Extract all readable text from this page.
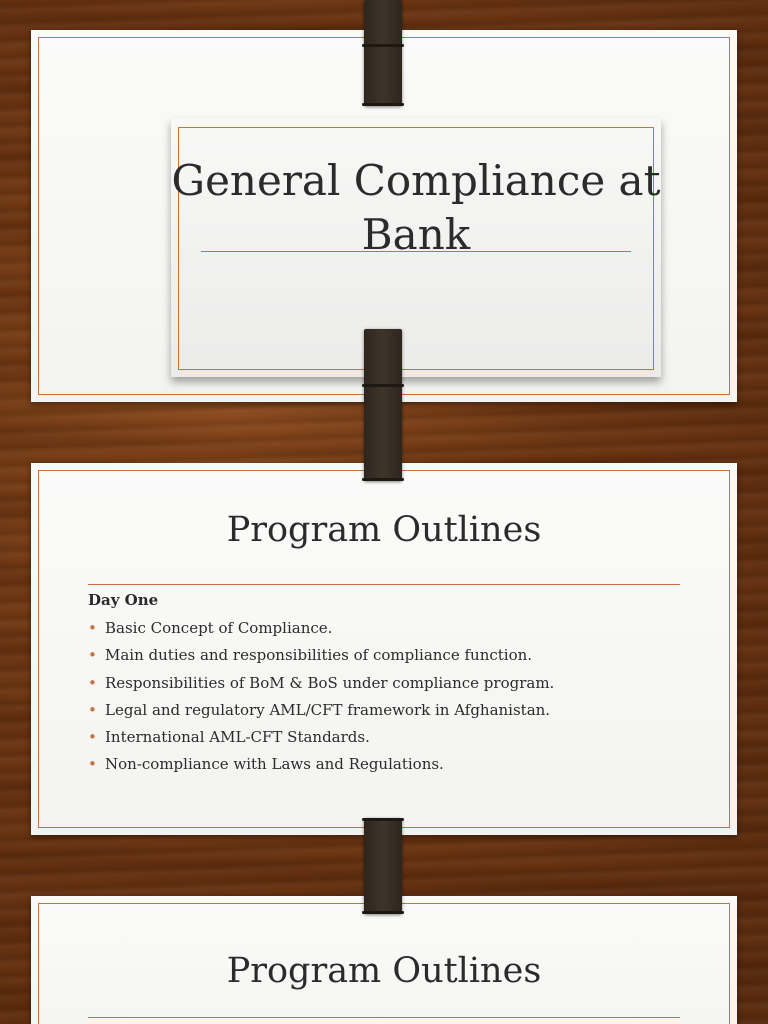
General Compliance at Bank
Program Outlines
Day One
• Basic Concept of Compliance.
• Main duties and responsibilities of compliance function.
• Responsibilities of BoM & BoS under compliance program.
• Legal and regulatory AML/CFT framework in Afghanistan.
• International AML-CFT Standards.
• Non-compliance with Laws and Regulations.
Program Outlines
